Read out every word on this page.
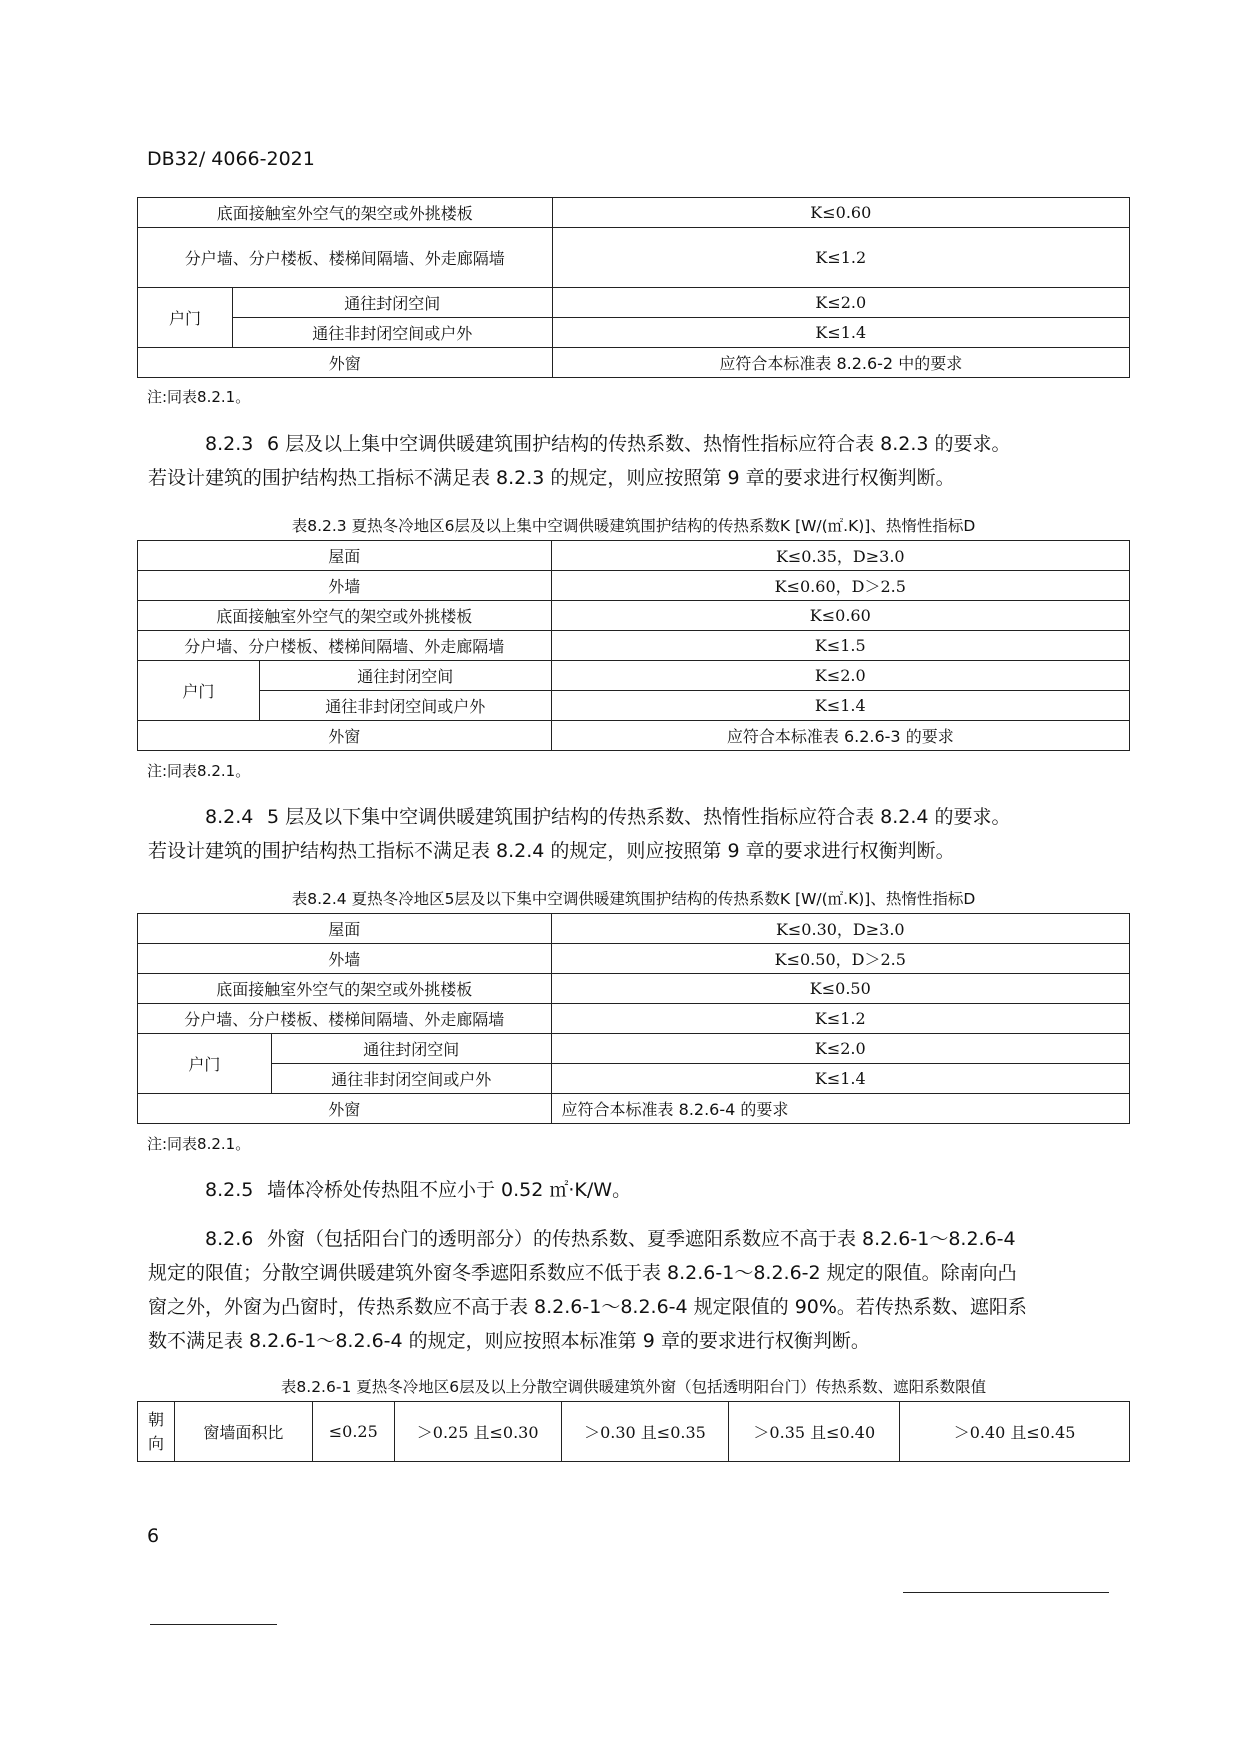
DB32/ 4066-2021
底面接触室外空气的架空或外挑楼板		K≤0.60
分户墙、分户楼板、楼梯间隔墙、外走廊隔墙		K≤1.2
户门	通往封闭空间	K≤2.0
	通往非封闭空间或户外	K≤1.4
外窗		应符合本标准表 8.2.6-2 中的要求
注:同表8.2.1。
8.2.3 6 层及以上集中空调供暖建筑围护结构的传热系数、热惰性指标应符合表 8.2.3 的要求。
若设计建筑的围护结构热工指标不满足表 8.2.3 的规定，则应按照第 9 章的要求进行权衡判断。
表8.2.3 夏热冬冷地区6层及以上集中空调供暖建筑围护结构的传热系数K [W/(㎡.K)]、热惰性指标D
屋面		K≤0.35，D≥3.0
外墙		K≤0.60，D＞2.5
底面接触室外空气的架空或外挑楼板		K≤0.60
分户墙、分户楼板、楼梯间隔墙、外走廊隔墙		K≤1.5
户门	通往封闭空间	K≤2.0
	通往非封闭空间或户外	K≤1.4
外窗		应符合本标准表 6.2.6-3 的要求
注:同表8.2.1。
8.2.4 5 层及以下集中空调供暖建筑围护结构的传热系数、热惰性指标应符合表 8.2.4 的要求。
若设计建筑的围护结构热工指标不满足表 8.2.4 的规定，则应按照第 9 章的要求进行权衡判断。
表8.2.4 夏热冬冷地区5层及以下集中空调供暖建筑围护结构的传热系数K [W/(㎡.K)]、热惰性指标D
屋面		K≤0.30，D≥3.0
外墙		K≤0.50，D＞2.5
底面接触室外空气的架空或外挑楼板		K≤0.50
分户墙、分户楼板、楼梯间隔墙、外走廊隔墙		K≤1.2
户门	通往封闭空间	K≤2.0
	通往非封闭空间或户外	K≤1.4
外窗		应符合本标准表 8.2.6-4 的要求
注:同表8.2.1。
8.2.5 墙体冷桥处传热阻不应小于 0.52 ㎡·K/W。
8.2.6 外窗（包括阳台门的透明部分）的传热系数、夏季遮阳系数应不高于表 8.2.6-1～8.2.6-4
规定的限值；分散空调供暖建筑外窗冬季遮阳系数应不低于表 8.2.6-1～8.2.6-2 规定的限值。除南向凸
窗之外，外窗为凸窗时，传热系数应不高于表 8.2.6-1～8.2.6-4 规定限值的 90%。若传热系数、遮阳系
数不满足表 8.2.6-1～8.2.6-4 的规定，则应按照本标准第 9 章的要求进行权衡判断。
表8.2.6-1 夏热冬冷地区6层及以上分散空调供暖建筑外窗（包括透明阳台门）传热系数、遮阳系数限值
朝
向
	窗墙面积比	≤0.25	＞0.25 且≤0.30	＞0.30 且≤0.35	＞0.35 且≤0.40	＞0.40 且≤0.45
6
